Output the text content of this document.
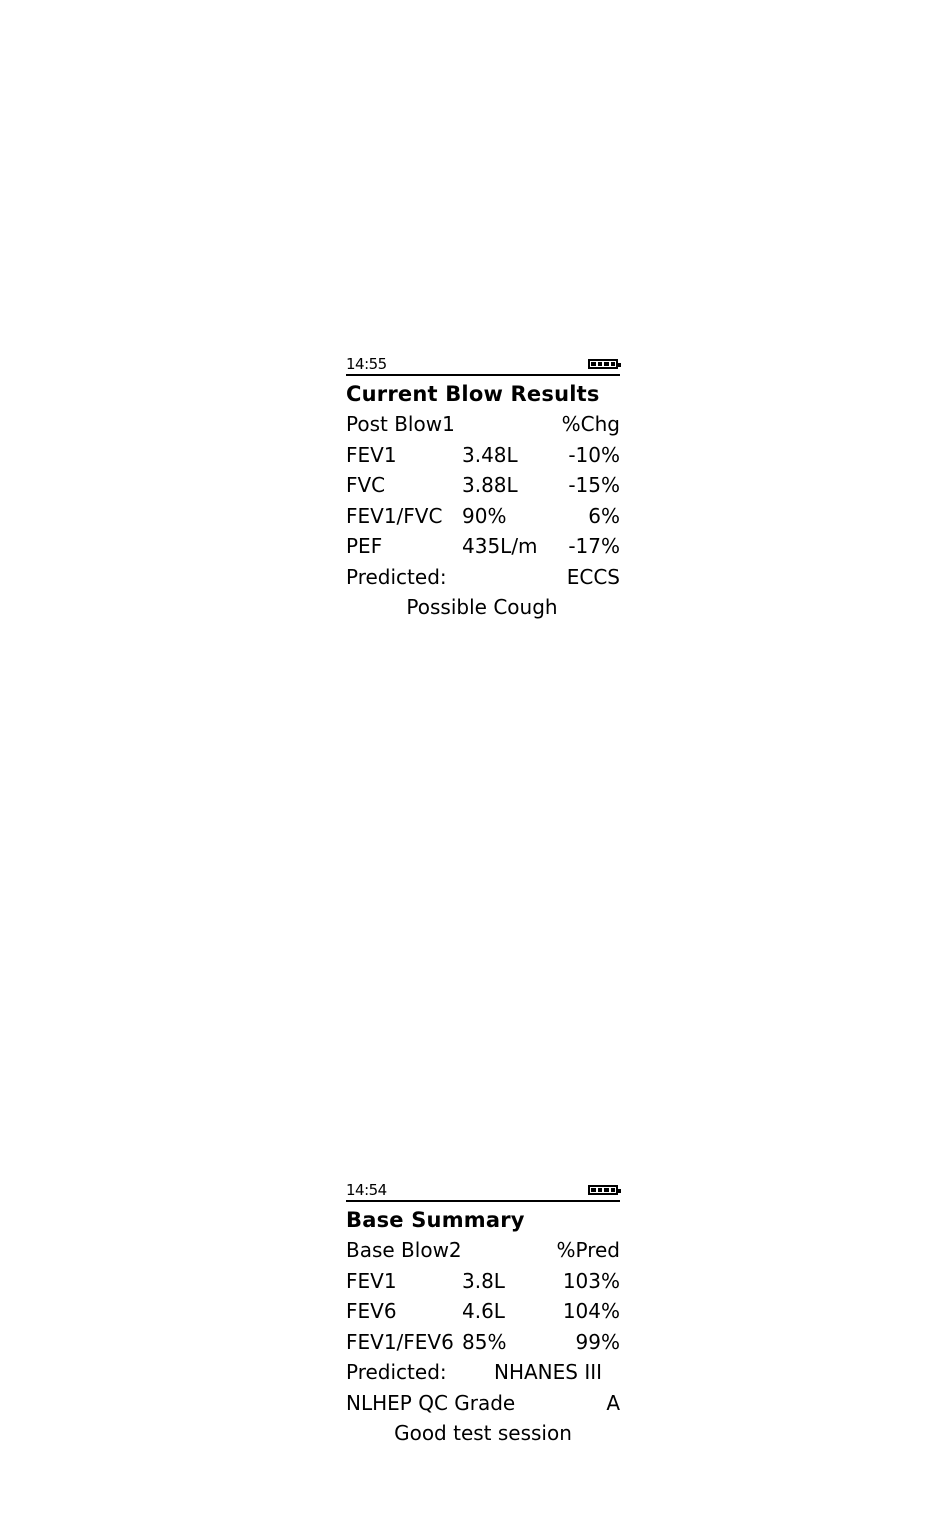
14:55
Current Blow Results
Post Blow1	%Chg
FEV1	3.48L	-10%
FVC	3.88L	-15%
FEV1/FVC 90%	6%
PEF	435L/m -17%
Predicted:	ECCS
Possible Cough
14:54
Base Summary
Base Blow2	%Pred
FEV1	3.8L	103%
FEV6	4.6L	104%
FEV1/FEV6 85%	99%
Predicted: NHANES III
NLHEP QC Grade	A
Good test session
